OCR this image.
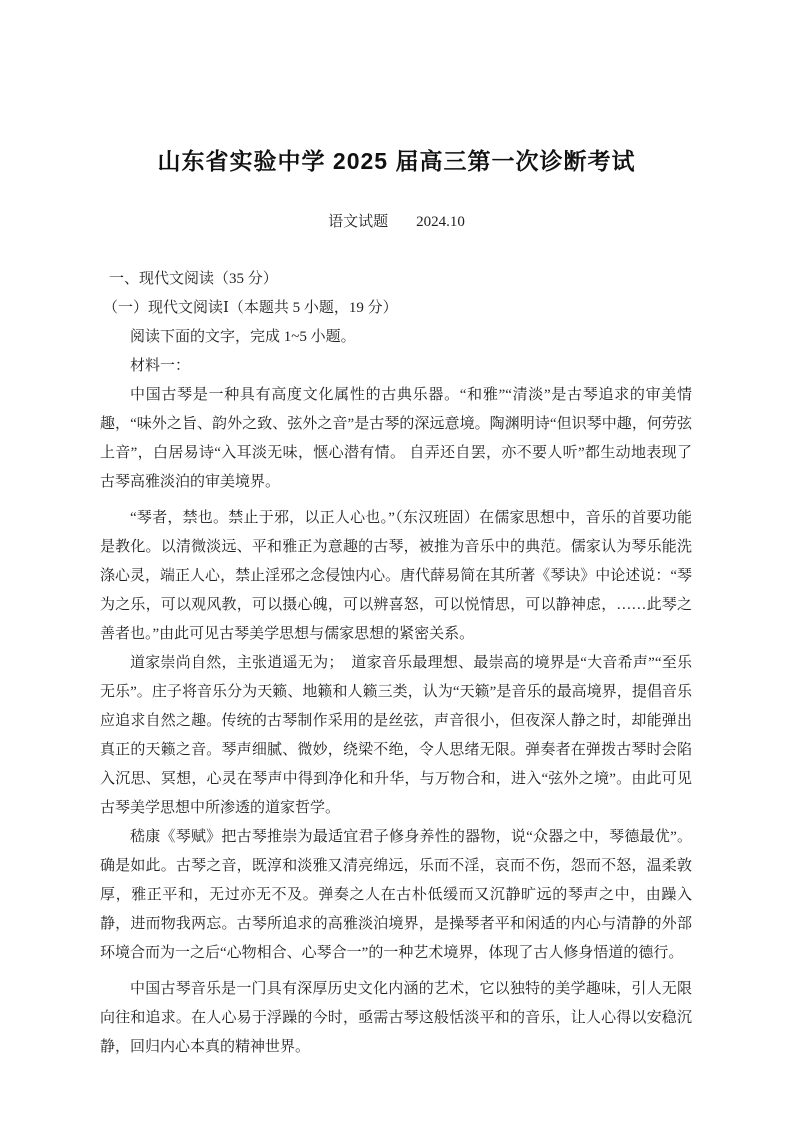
山东省实验中学 2025 届高三第一次诊断考试
语文试题 2024.10
一、现代文阅读（35 分）
（一）现代文阅读Ⅰ（本题共 5 小题，19 分）
阅读下面的文字，完成 1~5 小题。
材料一：

中国古琴是一种具有高度文化属性的古典乐器。“和雅”“清淡”是古琴追求的审美情趣，“味外之旨、韵外之致、弦外之音”是古琴的深远意境。陶渊明诗“但识琴中趣，何劳弦上音”，白居易诗“入耳淡无味，惬心潜有情。 自弄还自罢，亦不要人听”都生动地表现了古琴高雅淡泊的审美境界。

“琴者，禁也。禁止于邪，以正人心也。”（东汉班固）在儒家思想中，音乐的首要功能是教化。以清微淡远、平和雅正为意趣的古琴，被推为音乐中的典范。儒家认为琴乐能洗涤心灵，端正人心，禁止淫邪之念侵蚀内心。唐代薛易简在其所著《琴诀》中论述说：“琴为之乐，可以观风教，可以摄心魄，可以辨喜怒，可以悦情思，可以静神虑，……此琴之善者也。”由此可见古琴美学思想与儒家思想的紧密关系。

道家崇尚自然，主张逍遥无为；　道家音乐最理想、最崇高的境界是“大音希声”“至乐无乐”。庄子将音乐分为天籁、地籁和人籁三类，认为“天籁”是音乐的最高境界，提倡音乐应追求自然之趣。传统的古琴制作采用的是丝弦，声音很小，但夜深人静之时，却能弹出真正的天籁之音。琴声细腻、微妙，绕梁不绝，令人思绪无限。弹奏者在弹拨古琴时会陷入沉思、冥想，心灵在琴声中得到净化和升华，与万物合和，进入“弦外之境”。由此可见古琴美学思想中所渗透的道家哲学。

嵇康《琴赋》把古琴推崇为最适宜君子修身养性的器物，说“众器之中，琴德最优”。确是如此。古琴之音，既淳和淡雅又清亮绵远，乐而不淫，哀而不伤，怨而不怒，温柔敦厚，雅正平和，无过亦无不及。弹奏之人在古朴低缓而又沉静旷远的琴声之中，由躁入静，进而物我两忘。古琴所追求的高雅淡泊境界，是操琴者平和闲适的内心与清静的外部环境合而为一之后“心物相合、心琴合一”的一种艺术境界，体现了古人修身悟道的德行。

中国古琴音乐是一门具有深厚历史文化内涵的艺术，它以独特的美学趣味，引人无限向往和追求。在人心易于浮躁的今时，亟需古琴这般恬淡平和的音乐，让人心得以安稳沉静，回归内心本真的精神世界。
